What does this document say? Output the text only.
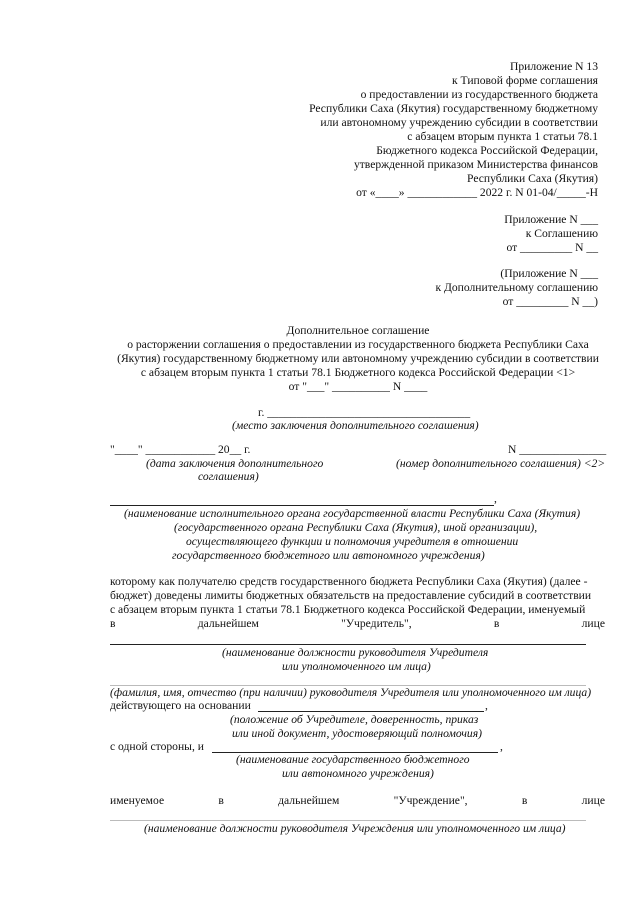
Приложение N 13
к Типовой форме соглашения
о предоставлении из государственного бюджета
Республики Саха (Якутия) государственному бюджетному
или автономному учреждению субсидии в соответствии
с абзацем вторым пункта 1 статьи 78.1
Бюджетного кодекса Российской Федерации,
утвержденной приказом Министерства финансов
Республики Саха (Якутия)
от «____» ____________ 2022 г. N 01-04/_____-Н
Приложение N ___
к Соглашению
от _________ N __
(Приложение N ___
к Дополнительному соглашению
от _________ N __)
Дополнительное соглашение
о расторжении соглашения о предоставлении из государственного бюджета Республики Саха
(Якутия) государственному бюджетному или автономному учреждению субсидии в соответствии
с абзацем вторым пункта 1 статьи 78.1 Бюджетного кодекса Российской Федерации <1>
от "___" __________ N ____
г. ___________________________________
(место заключения дополнительного соглашения)
"____" ____________ 20__ г.	N _______________
(дата заключения дополнительного
соглашения)
(номер дополнительного соглашения) <2>
,
(наименование исполнительного органа государственной власти Республики Саха (Якутия)
(государственного органа Республики Саха (Якутия), иной организации),
осуществляющего функции и полномочия учредителя в отношении
государственного бюджетного или автономного учреждения)
которому как получателю средств государственного бюджета Республики Саха (Якутия) (далее -
бюджет) доведены лимиты бюджетных обязательств на предоставление субсидий в соответствии
с абзацем вторым пункта 1 статьи 78.1 Бюджетного кодекса Российской Федерации, именуемый
в	дальнейшем	"Учредитель",	в	лице
(наименование должности руководителя Учредителя
или уполномоченного им лица)
(фамилия, имя, отчество (при наличии) руководителя Учредителя или уполномоченного им лица)
действующего на основании	,
(положение об Учредителе, доверенность, приказ
или иной документ, удостоверяющий полномочия)
с одной стороны, и	,
(наименование государственного бюджетного
или автономного учреждения)
именуемое	в	дальнейшем	"Учреждение",	в	лице
(наименование должности руководителя Учреждения или уполномоченного им лица)
